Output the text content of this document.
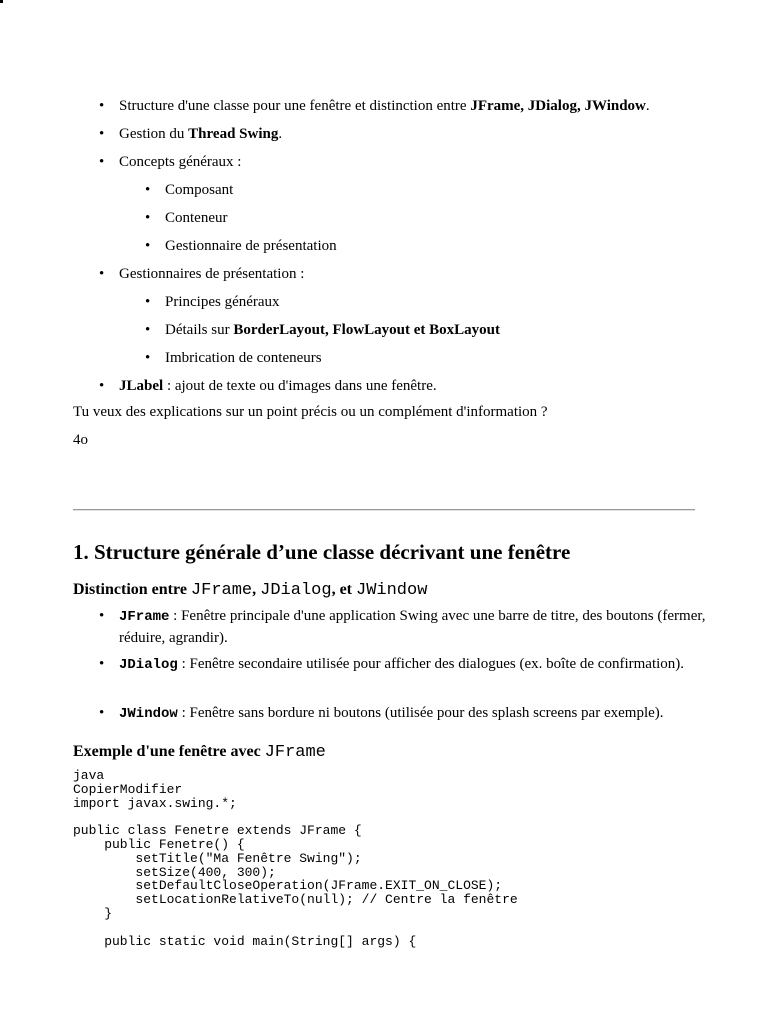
• Structure d'une classe pour une fenêtre et distinction entre JFrame, JDialog, JWindow.
• Gestion du Thread Swing.
• Concepts généraux :
• Composant
• Conteneur
• Gestionnaire de présentation
• Gestionnaires de présentation :
• Principes généraux
• Détails sur BorderLayout, FlowLayout et BoxLayout
• Imbrication de conteneurs
• JLabel : ajout de texte ou d'images dans une fenêtre.
Tu veux des explications sur un point précis ou un complément d'information ?
4o
1. Structure générale d’une classe décrivant une fenêtre
Distinction entre JFrame, JDialog, et JWindow
• JFrame : Fenêtre principale d'une application Swing avec une barre de titre, des boutons (fermer, réduire, agrandir).
• JDialog : Fenêtre secondaire utilisée pour afficher des dialogues (ex. boîte de confirmation).
• JWindow : Fenêtre sans bordure ni boutons (utilisée pour des splash screens par exemple).
Exemple d'une fenêtre avec JFrame
java
CopierModifier
import javax.swing.*;

public class Fenetre extends JFrame {
public Fenetre() {
setTitle("Ma Fenêtre Swing");
setSize(400, 300);
setDefaultCloseOperation(JFrame.EXIT_ON_CLOSE);
setLocationRelativeTo(null); // Centre la fenêtre
}

public static void main(String[] args) {
